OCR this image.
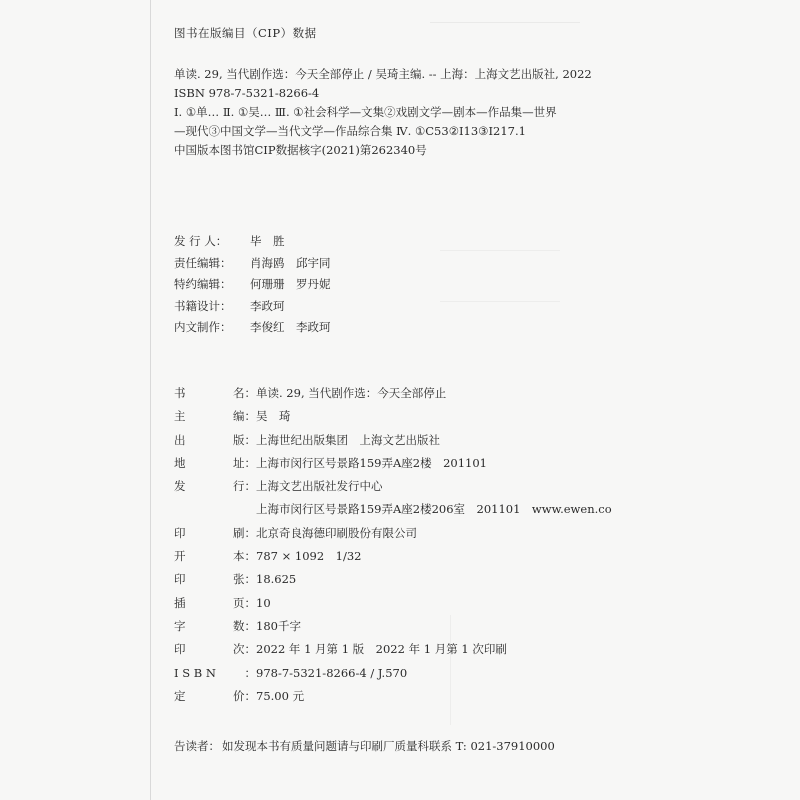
图书在版编目（CIP）数据
单读. 29, 当代剧作选：今天全部停止 / 吴琦主编. -- 上海：上海文艺出版社, 2022
ISBN 978-7-5321-8266-4
Ⅰ. ①单… Ⅱ. ①吴… Ⅲ. ①社会科学—文集②戏剧文学—剧本—作品集—世界
—现代③中国文学—当代文学—作品综合集 Ⅳ. ①C53②I13③I217.1
中国版本图书馆CIP数据核字(2021)第262340号
发 行 人：	毕　胜
责任编辑：	肖海鸥　邱宇同
特约编辑：	何珊珊　罗丹妮
书籍设计：	李政珂
内文制作：	李俊红　李政珂
书	名： 单读. 29, 当代剧作选：今天全部停止
主	编： 吴　琦
出	版： 上海世纪出版集团　上海文艺出版社
地	址： 上海市闵行区号景路159弄A座2楼　201101
发	行： 上海文艺出版社发行中心
上海市闵行区号景路159弄A座2楼206室　201101　www.ewen.co
印	刷： 北京奇良海德印刷股份有限公司
开	本： 787 × 1092　1/32
印	张： 18.625
插	页： 10
字	数： 180千字
印	次： 2022 年 1 月第 1 版　2022 年 1 月第 1 次印刷
I S B N ： 978-7-5321-8266-4 / J.570
定	价： 75.00 元
告读者： 如发现本书有质量问题请与印刷厂质量科联系 T: 021-37910000
